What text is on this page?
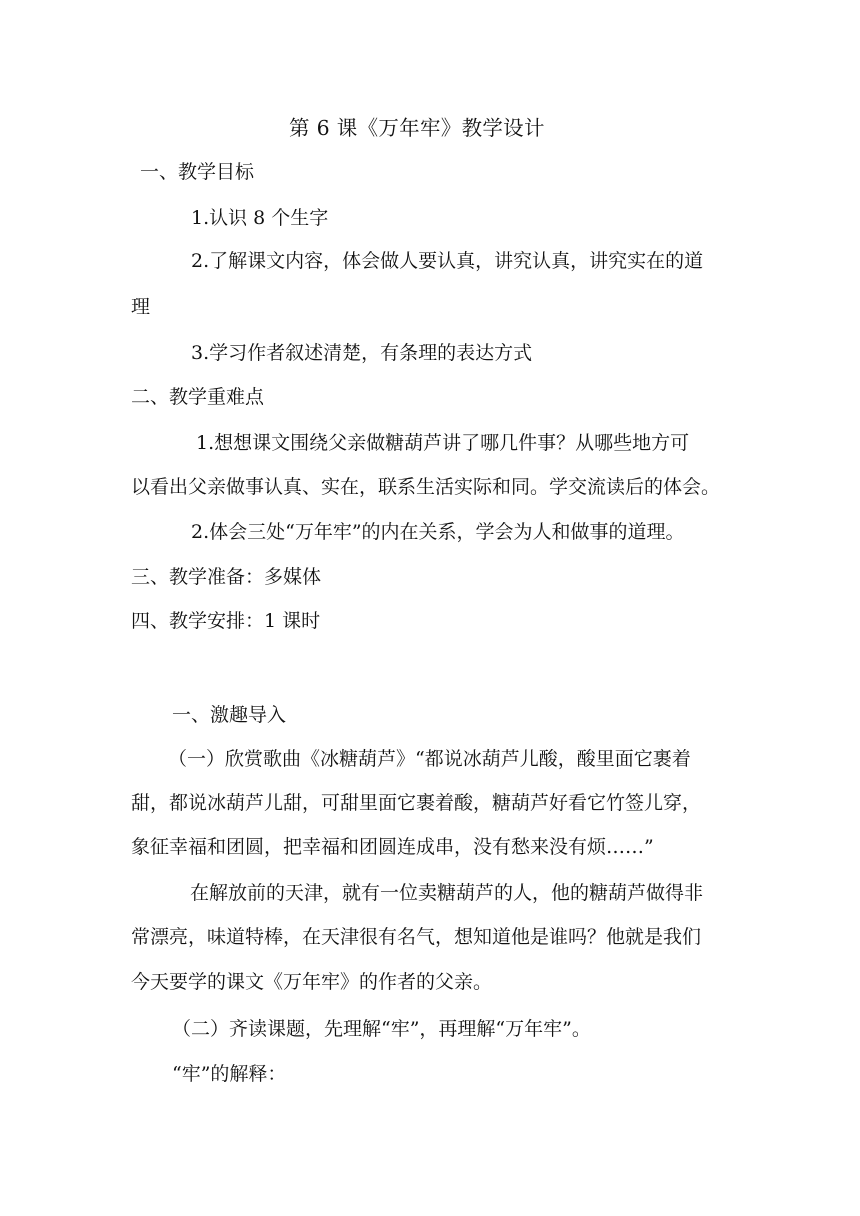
第 6 课《万年牢》教学设计
一、教学目标
1.认识 8 个生字
2.了解课文内容，体会做人要认真，讲究认真，讲究实在的道
理
3.学习作者叙述清楚，有条理的表达方式
二、教学重难点
1.想想课文围绕父亲做糖葫芦讲了哪几件事？从哪些地方可
以看出父亲做事认真、实在，联系生活实际和同。学交流读后的体会。
2.体会三处“万年牢”的内在关系，学会为人和做事的道理。
三、教学准备：多媒体
四、教学安排：1 课时
一、激趣导入
（一）欣赏歌曲《冰糖葫芦》“都说冰葫芦儿酸，酸里面它裹着
甜，都说冰葫芦儿甜，可甜里面它裹着酸，糖葫芦好看它竹签儿穿，
象征幸福和团圆，把幸福和团圆连成串，没有愁来没有烦……”
在解放前的天津，就有一位卖糖葫芦的人，他的糖葫芦做得非
常漂亮，味道特棒，在天津很有名气，想知道他是谁吗？他就是我们
今天要学的课文《万年牢》的作者的父亲。
（二）齐读课题，先理解“牢”，再理解“万年牢”。
“牢”的解释：
